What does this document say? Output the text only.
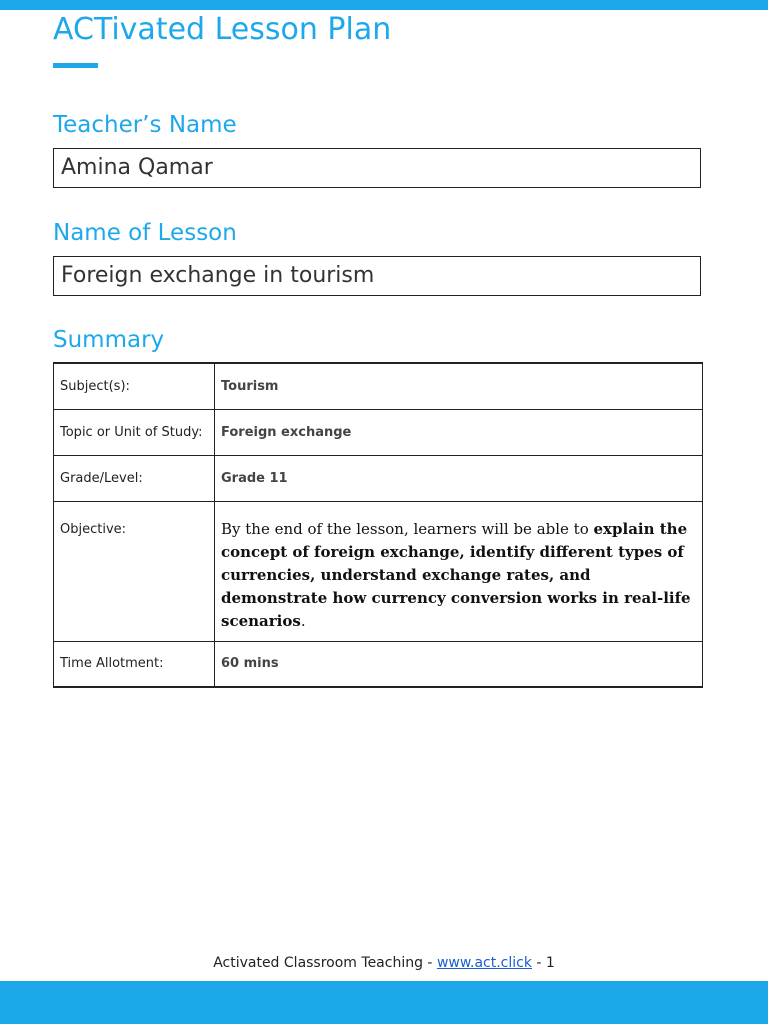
ACTivated Lesson Plan
Teacher’s Name
Amina Qamar
Name of Lesson
Foreign exchange in tourism
Summary
Subject(s):	Tourism
Topic or Unit of Study:	Foreign exchange
Grade/Level:	Grade 11
Objective:	By the end of the lesson, learners will be able to explain the concept of foreign exchange, identify different types of currencies, understand exchange rates, and demonstrate how currency conversion works in real-life scenarios.
Time Allotment:	60 mins
Activated Classroom Teaching - www.act.click - 1
